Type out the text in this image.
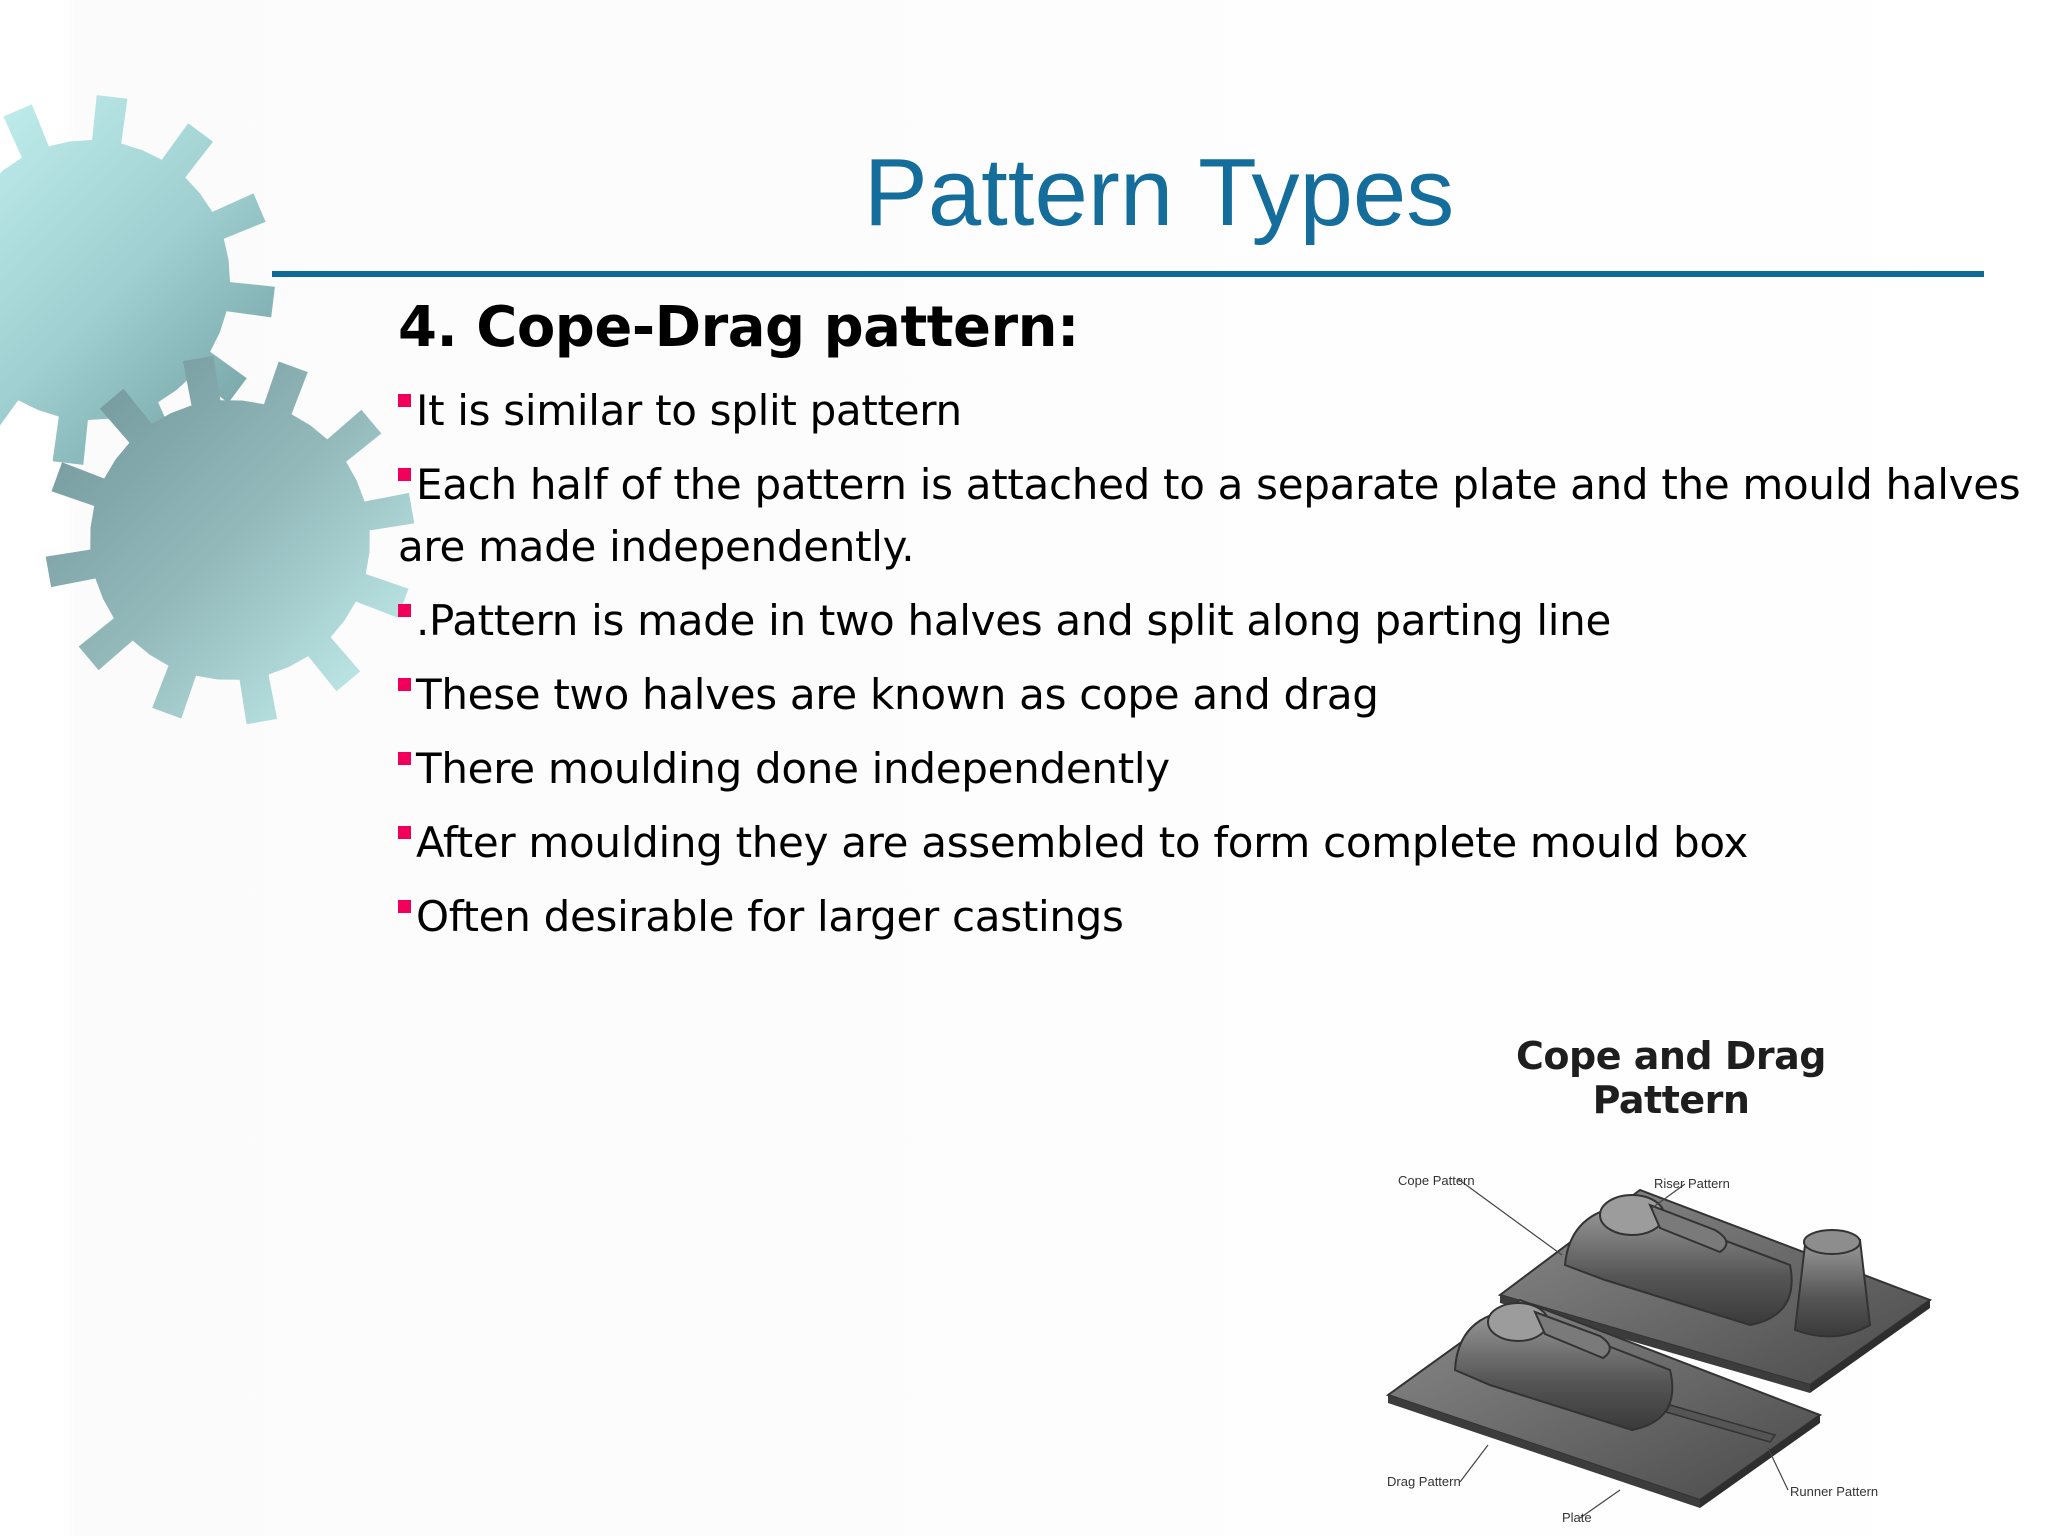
Pattern Types
4. Cope-Drag pattern:
It is similar to split pattern
Each half of the pattern is attached to a separate plate and the mould halves are made independently.
.Pattern is made in two halves and split along parting line
These two halves are known as cope and drag
There moulding done independently
After moulding they are assembled to form complete mould box
Often desirable for larger castings
Cope and Drag Pattern
Cope Pattern	Riser Pattern
Drag Pattern
Plate
Runner Pattern
